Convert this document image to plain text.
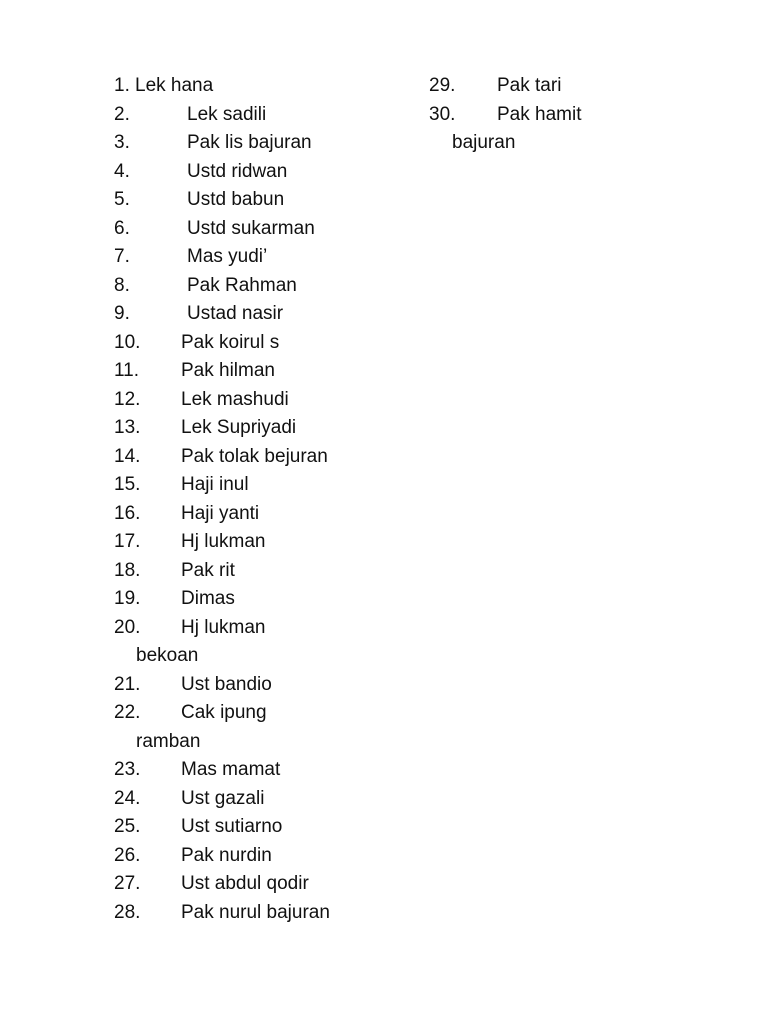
1. Lek hana
2.	Lek sadili
3.	Pak lis bajuran
4.	Ustd ridwan
5.	Ustd babun
6.	Ustd sukarman
7.	Mas yudi’
8.	Pak Rahman
9.	Ustad nasir
10.	Pak koirul s
11.	Pak hilman
12.	Lek mashudi
13.	Lek Supriyadi
14.	Pak tolak bejuran
15.	Haji inul
16.	Haji yanti
17.	Hj lukman
18.	Pak rit
19.	Dimas
20.	Hj lukman
bekoan
21.	Ust bandio
22.	Cak ipung
ramban
23.	Mas mamat
24.	Ust gazali
25.	Ust sutiarno
26.	Pak nurdin
27.	Ust abdul qodir
28.	Pak nurul bajuran
29.	Pak tari
30.	Pak hamit
bajuran
